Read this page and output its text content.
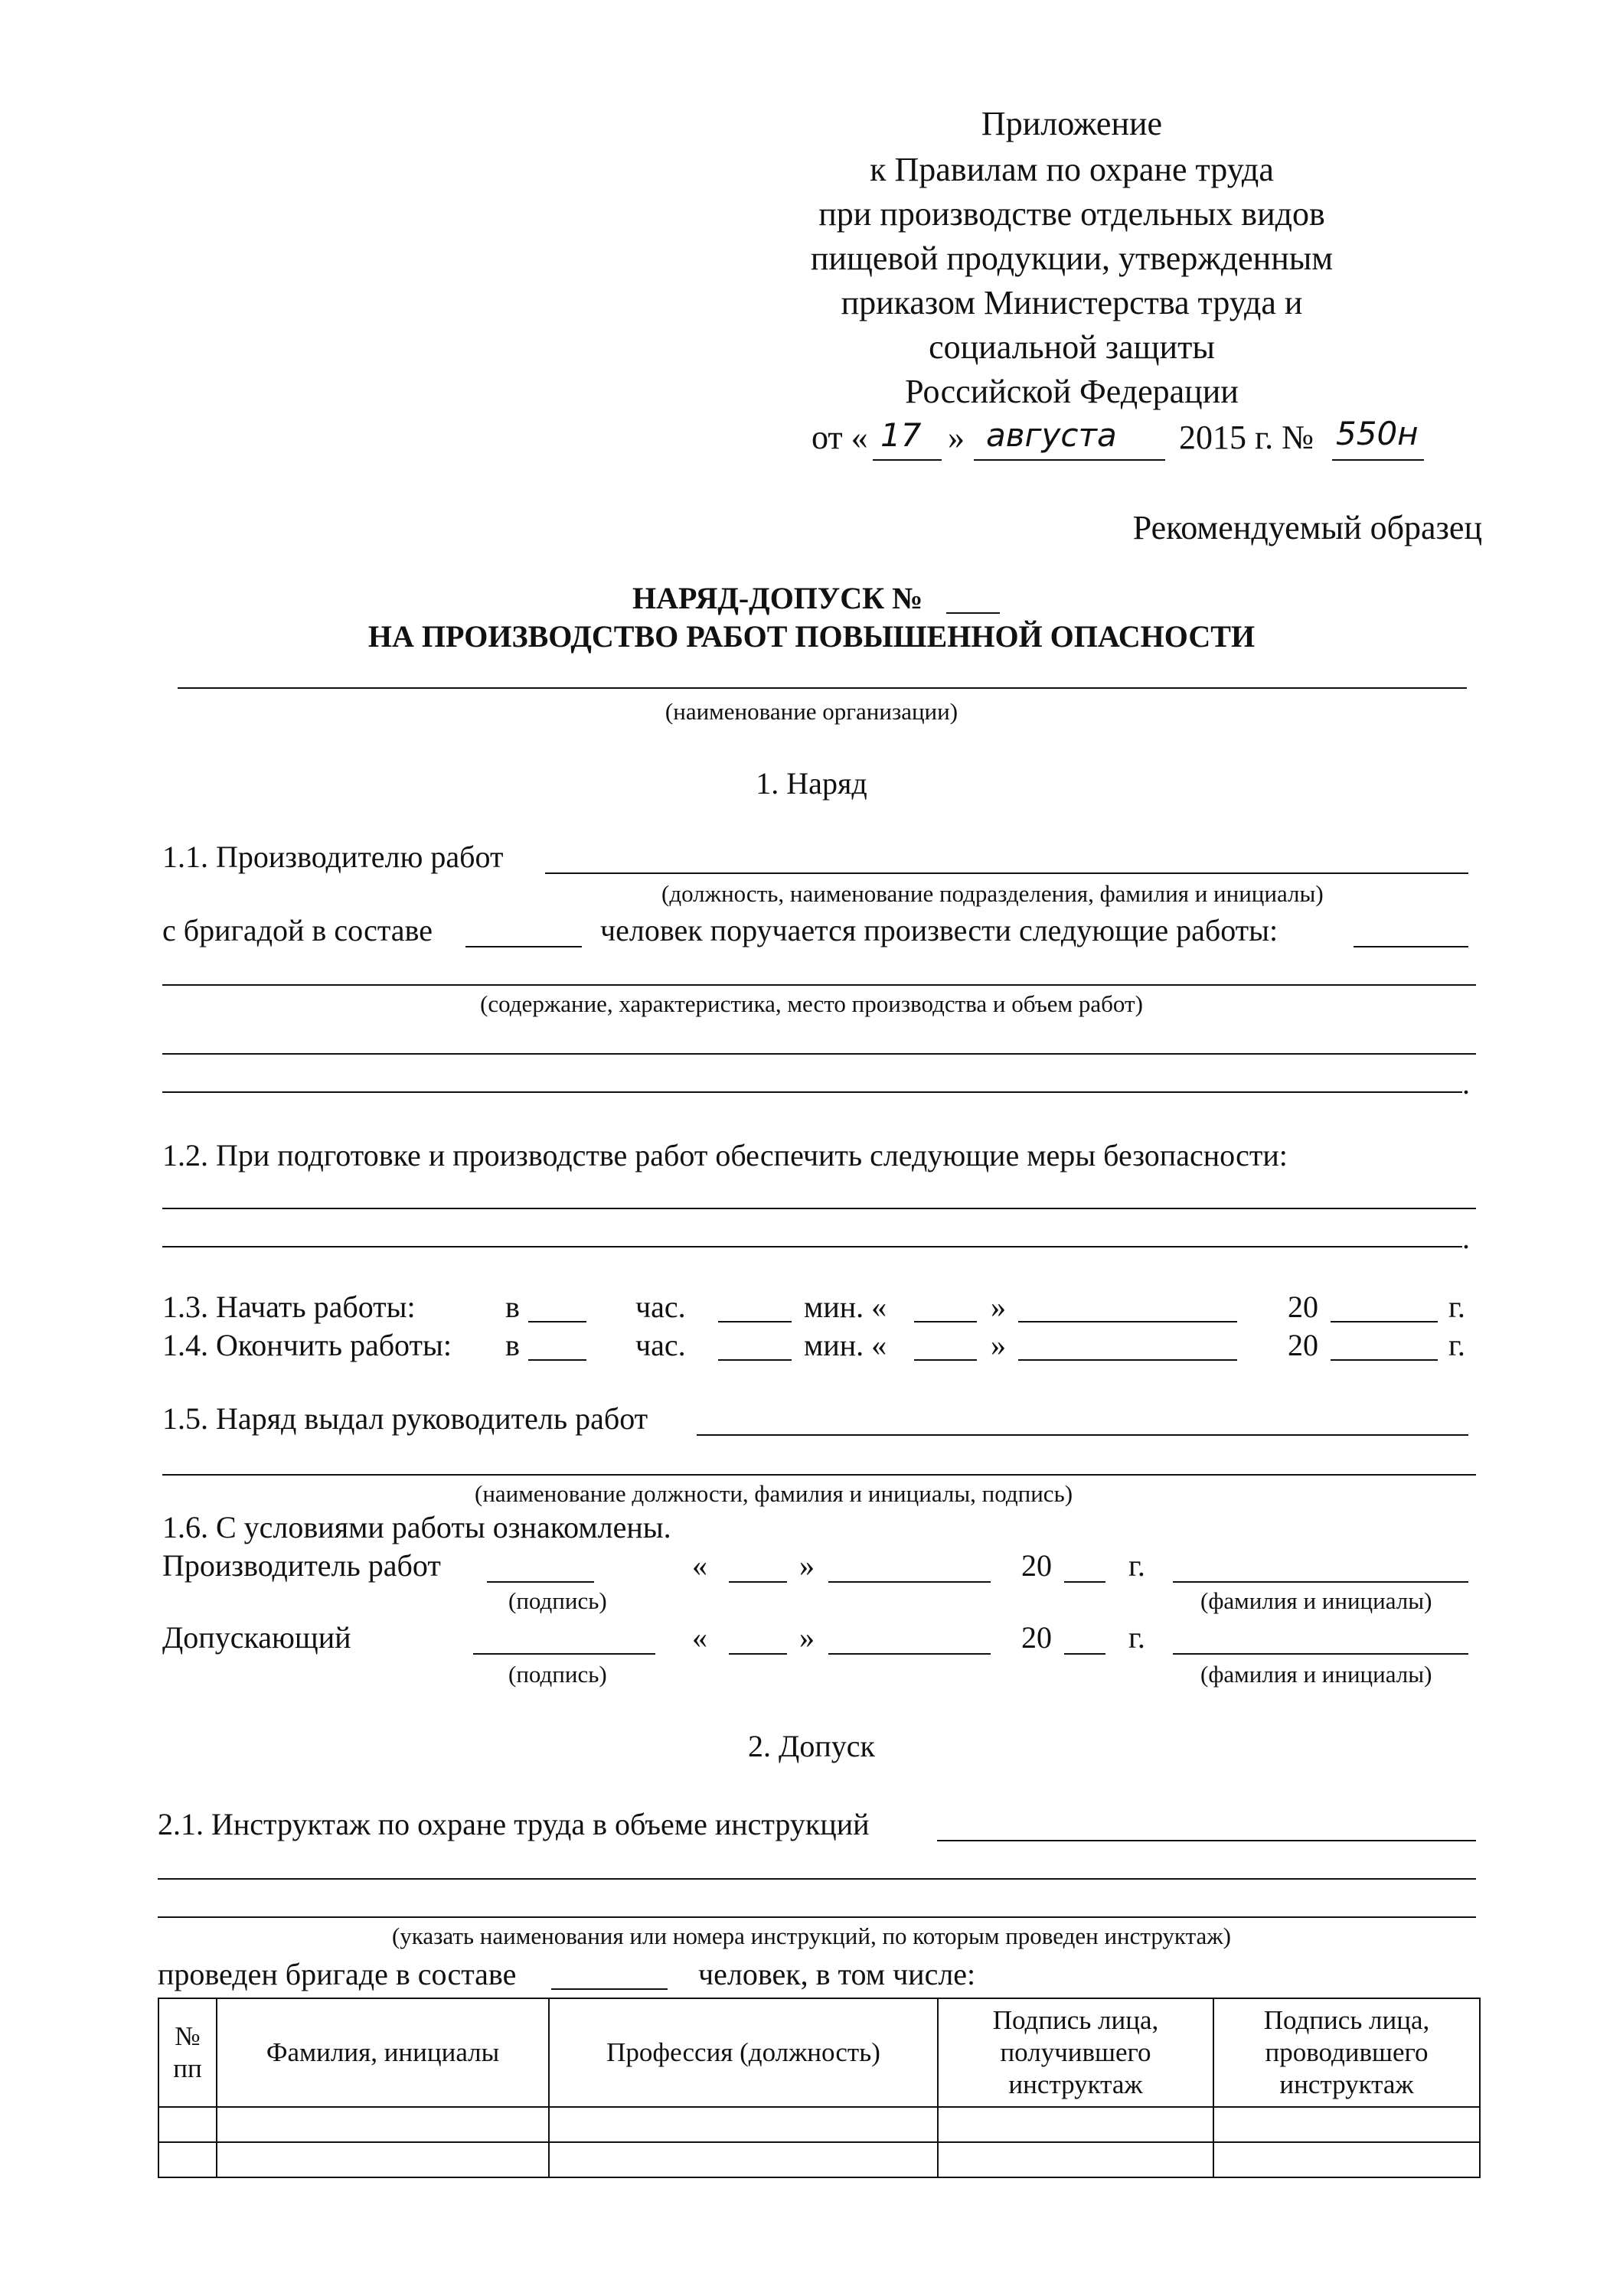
Приложение
к Правилам по охране труда
при производстве отдельных видов
пищевой продукции, утвержденным
приказом Министерства труда и
социальной защиты
Российской Федерации
от « 17 » августа 2015 г. № 550н
Рекомендуемый образец
НАРЯД-ДОПУСК №
НА ПРОИЗВОДСТВО РАБОТ ПОВЫШЕННОЙ ОПАСНОСТИ
(наименование организации)
1. Наряд
1.1. Производителю работ
(должность, наименование подразделения, фамилия и инициалы)
с бригадой в составе	человек поручается произвести следующие работы:
(содержание, характеристика, место производства и объем работ)
.
1.2. При подготовке и производстве работ обеспечить следующие меры безопасности:
.
1.3. Начать работы:	в	час.	мин. «	»	20	г.
1.4. Окончить работы: в	час.	мин. «	»	20	г.
1.5. Наряд выдал руководитель работ
(наименование должности, фамилия и инициалы, подпись)
1.6. С условиями работы ознакомлены.
Производитель работ	«	»	20	г.
(подпись)	(фамилия и инициалы)
Допускающий	«	»	20	г.
(подпись)	(фамилия и инициалы)
2. Допуск
2.1. Инструктаж по охране труда в объеме инструкций
(указать наименования или номера инструкций, по которым проведен инструктаж)
проведен бригаде в составе	человек, в том числе:
№ пп	Фамилия, инициалы	Профессия (должность)	Подпись лица, получившего инструктаж	Подпись лица, проводившего инструктаж
